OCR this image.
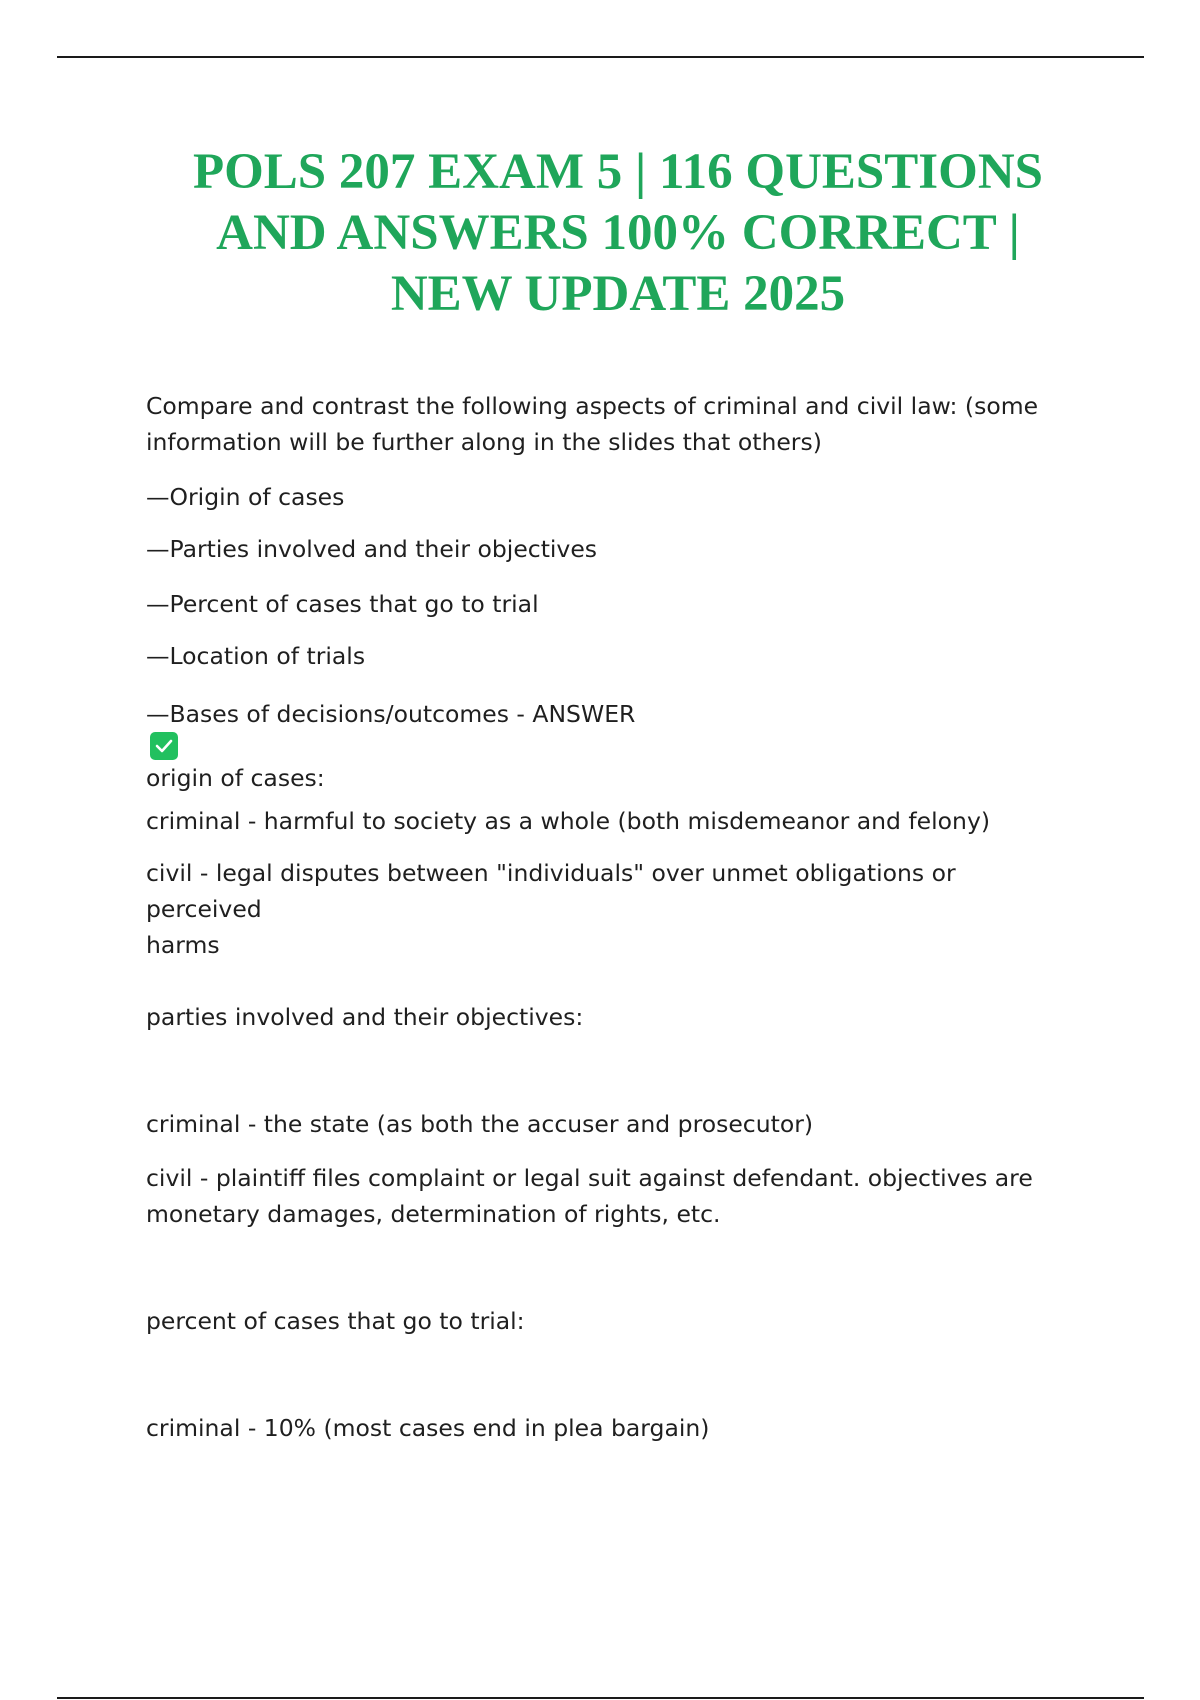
POLS 207 EXAM 5 | 116 QUESTIONS
AND ANSWERS 100% CORRECT |
NEW UPDATE 2025

Compare and contrast the following aspects of criminal and civil law: (some
information will be further along in the slides that others)

—Origin of cases

—Parties involved and their objectives

—Percent of cases that go to trial

—Location of trials

—Bases of decisions/outcomes - ANSWER
origin of cases:

criminal - harmful to society as a whole (both misdemeanor and felony)

civil - legal disputes between "individuals" over unmet obligations or perceived
harms

parties involved and their objectives:

criminal - the state (as both the accuser and prosecutor)

civil - plaintiff files complaint or legal suit against defendant. objectives are
monetary damages, determination of rights, etc.

percent of cases that go to trial:

criminal - 10% (most cases end in plea bargain)
